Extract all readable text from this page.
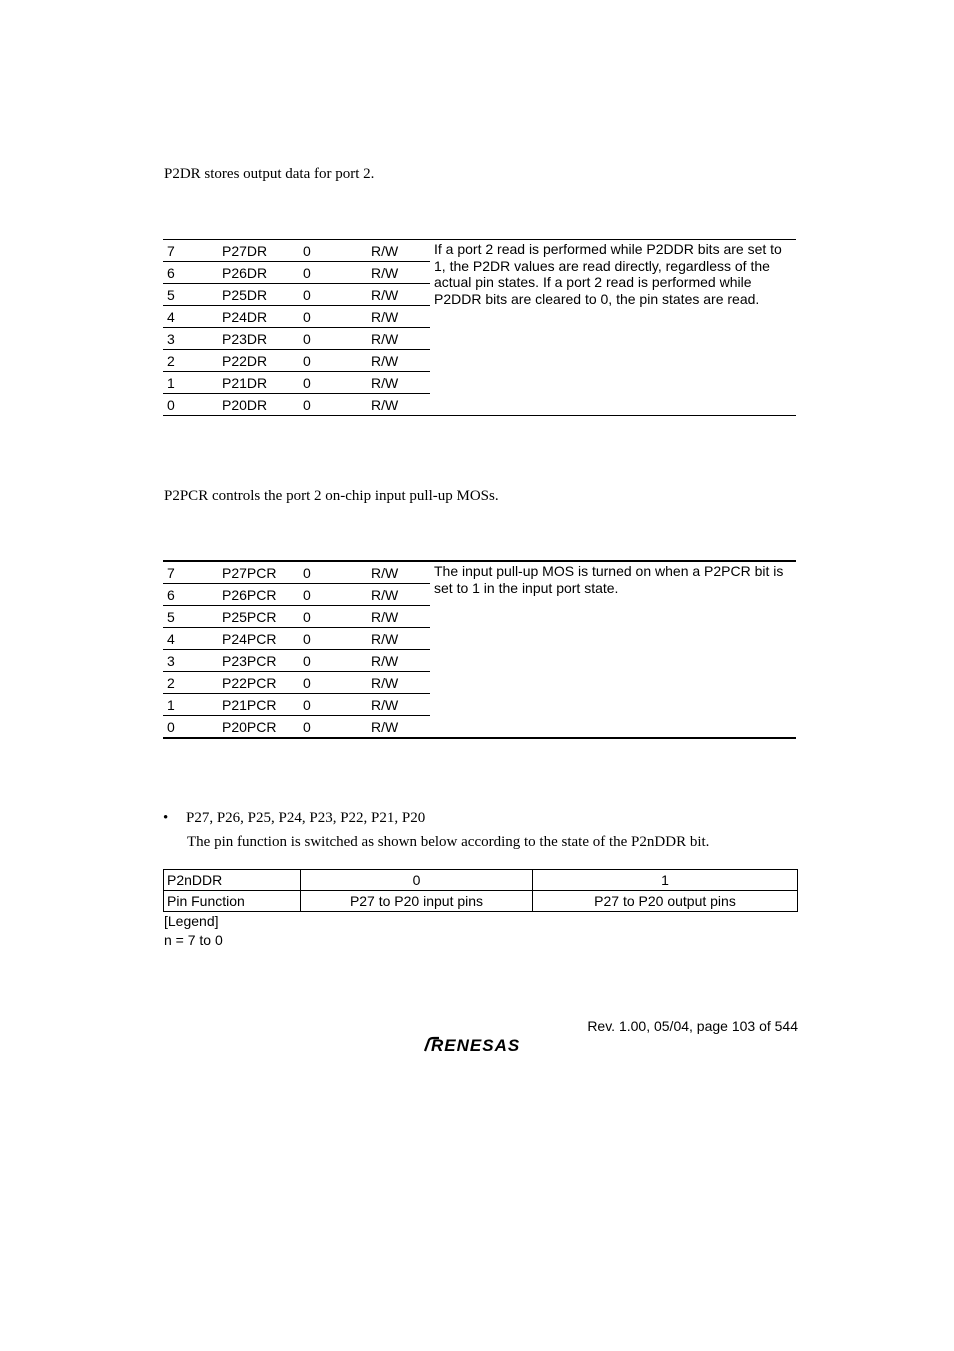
P2DR stores output data for port 2.

7	P27DR	0	R/W	If a port 2 read is performed while P2DDR bits are set to 1, the P2DR values are read directly, regardless of the actual pin states. If a port 2 read is performed while P2DDR bits are cleared to 0, the pin states are read.
6	P26DR	0	R/W	
5	P25DR	0	R/W	
4	P24DR	0	R/W	
3	P23DR	0	R/W	
2	P22DR	0	R/W	
1	P21DR	0	R/W	
0	P20DR	0	R/W	

P2PCR controls the port 2 on-chip input pull-up MOSs.

7	P27PCR	0	R/W	The input pull-up MOS is turned on when a P2PCR bit is set to 1 in the input port state.
6	P26PCR	0	R/W	
5	P25PCR	0	R/W	
4	P24PCR	0	R/W	
3	P23PCR	0	R/W	
2	P22PCR	0	R/W	
1	P21PCR	0	R/W	
0	P20PCR	0	R/W	
• P27, P26, P25, P24, P23, P22, P21, P20

The pin function is switched as shown below according to the state of the P2nDDR bit.

P2nDDR	0	1
Pin Function	P27 to P20 input pins	P27 to P20 output pins

[Legend]

n = 7 to 0

Rev. 1.00, 05/04, page 103 of 544
RENESAS
